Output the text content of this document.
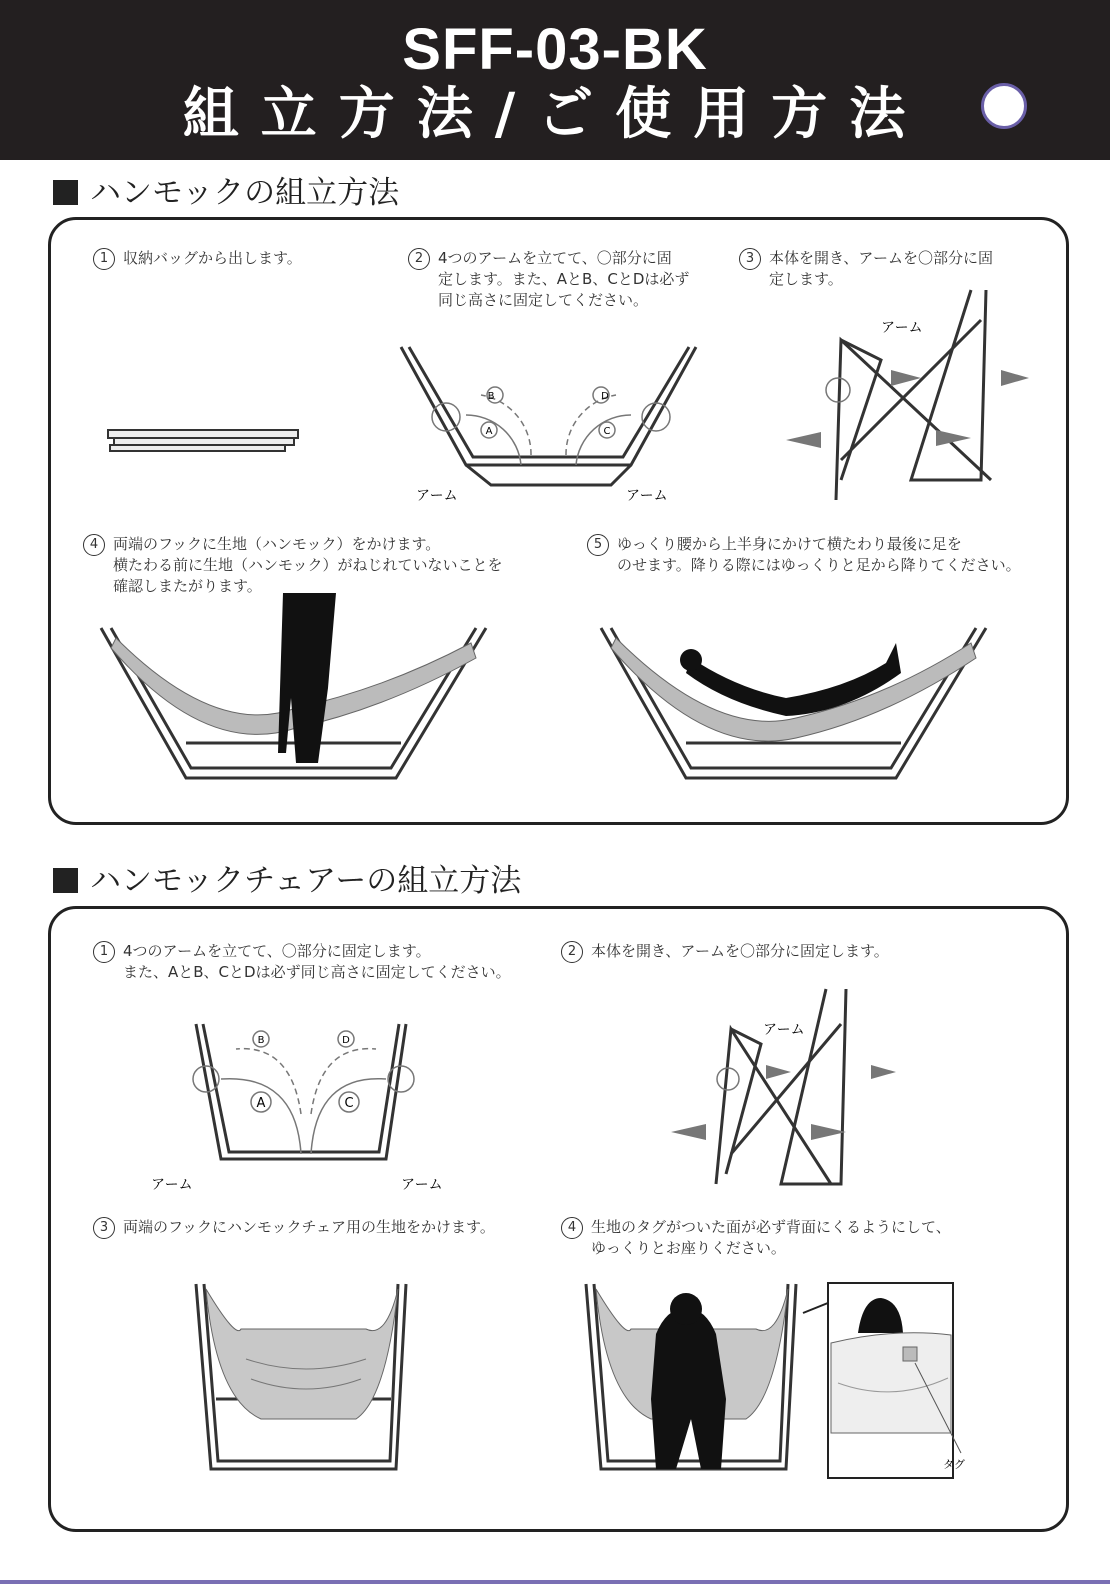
SFF-03-BK
組立方法/ご使用方法
ハンモックの組立方法
1 収納バッグから出します。	2 4つのアームを立てて、〇部分に固
定します。また、AとB、CとDは必ず
同じ高さに固定してください。
3 本体を開き、アームを〇部分に固
定します。
B
A
D
C
アーム	アーム
アーム
4 両端のフックに生地（ハンモック）をかけます。
横たわる前に生地（ハンモック）がねじれていないことを
確認しまたがります。
5 ゆっくり腰から上半身にかけて横たわり最後に足を
のせます。降りる際にはゆっくりと足から降りてください。
ハンモックチェアーの組立方法
1 4つのアームを立てて、〇部分に固定します。
また、AとB、CとDは必ず同じ高さに固定してください。
2 本体を開き、アームを〇部分に固定します。
B	D
A	C
アーム	アーム
アーム
3 両端のフックにハンモックチェア用の生地をかけます。	4 生地のタグがついた面が必ず背面にくるようにして、
ゆっくりとお座りください。
タグ
